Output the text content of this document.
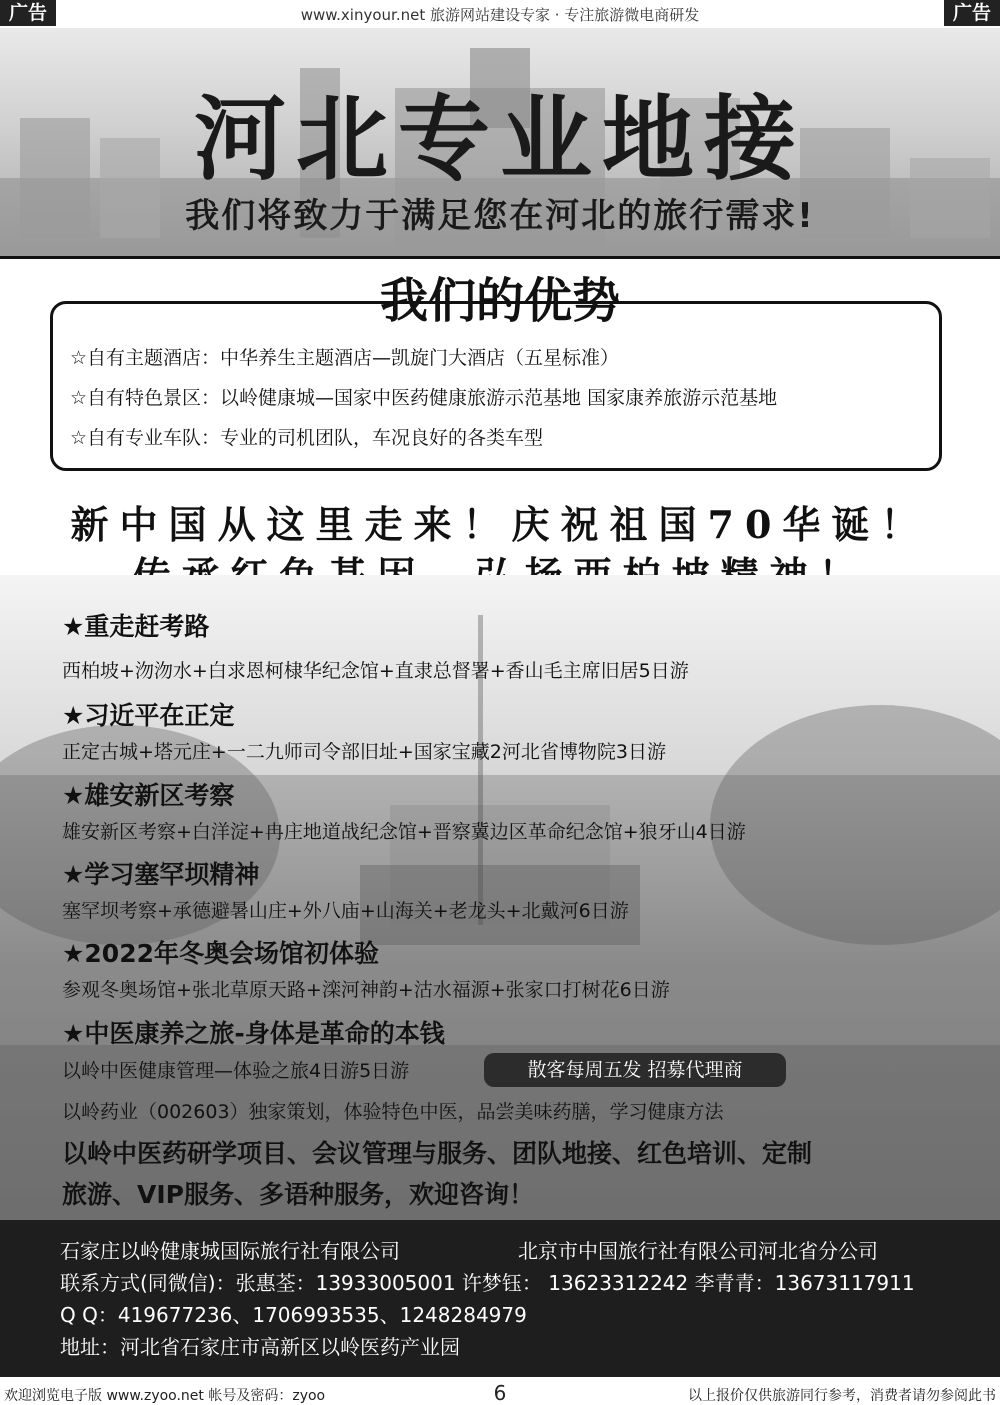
广告	www.xinyour.net 旅游网站建设专家 · 专注旅游微电商研发	广告
河北专业地接
我们将致力于满足您在河北的旅行需求!
我们的优势
☆自有主题酒店：中华养生主题酒店—凯旋门大酒店（五星标准）
☆自有特色景区：以岭健康城—国家中医药健康旅游示范基地 国家康养旅游示范基地
☆自有专业车队：专业的司机团队，车况良好的各类车型
新中国从这里走来！庆祝祖国70华诞！
★重走赶考路
西柏坡+沕沕水+白求恩柯棣华纪念馆+直隶总督署+香山毛主席旧居5日游
★习近平在正定
正定古城+塔元庄+一二九师司令部旧址+国家宝藏2河北省博物院3日游
★雄安新区考察
雄安新区考察+白洋淀+冉庄地道战纪念馆+晋察冀边区革命纪念馆+狼牙山4日游
★学习塞罕坝精神
塞罕坝考察+承德避暑山庄+外八庙+山海关+老龙头+北戴河6日游
★2022年冬奥会场馆初体验
参观冬奥场馆+张北草原天路+滦河神韵+沽水福源+张家口打树花6日游
★中医康养之旅-身体是革命的本钱
以岭中医健康管理—体验之旅4日游5日游	散客每周五发 招募代理商
以岭药业（002603）独家策划，体验特色中医，品尝美味药膳，学习健康方法
以岭中医药研学项目、会议管理与服务、团队地接、红色培训、定制
旅游、VIP服务、多语种服务，欢迎咨询！
石家庄以岭健康城国际旅行社有限公司	北京市中国旅行社有限公司河北省分公司
联系方式(同微信)：张惠荃：13933005001 许梦钰： 13623312242 李青青：13673117911
Q Q：419677236、1706993535、1248284979
地址：河北省石家庄市高新区以岭医药产业园
欢迎浏览电子版 www.zyoo.net 帐号及密码：zyoo	6	以上报价仅供旅游同行参考，消费者请勿参阅此书
